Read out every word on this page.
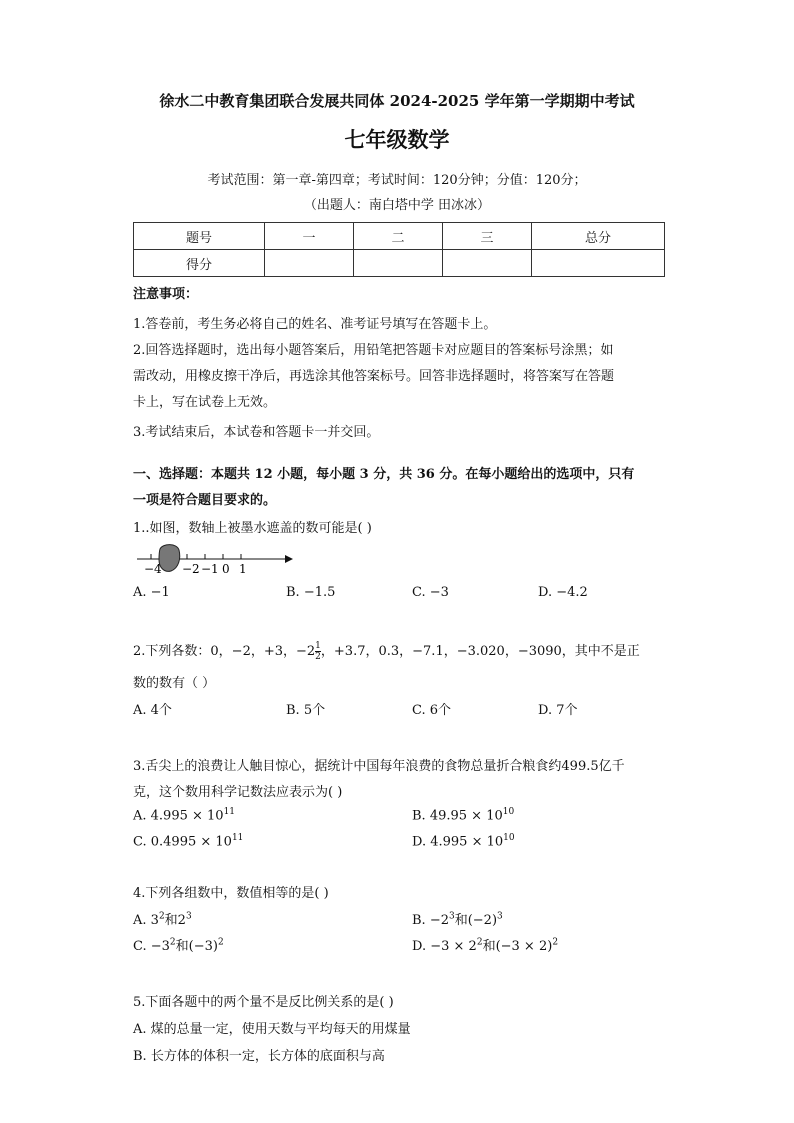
徐水二中教育集团联合发展共同体 2024-2025 学年第一学期期中考试
七年级数学
考试范围：第一章-第四章；考试时间：120分钟；分值：120分；
（出题人：南白塔中学 田冰冰）
题号	一	二	三	总分
得分				
注意事项：
1.答卷前，考生务必将自己的姓名、准考证号填写在答题卡上。
2.回答选择题时，选出每小题答案后，用铅笔把答题卡对应题目的答案标号涂黑；如
需改动，用橡皮擦干净后，再选涂其他答案标号。回答非选择题时，将答案写在答题
卡上，写在试卷上无效。
3.考试结束后，本试卷和答题卡一并交回。
一、选择题：本题共 12 小题，每小题 3 分，共 36 分。在每小题给出的选项中，只有
一项是符合题目要求的。
1..如图，数轴上被墨水遮盖的数可能是( )
−4 −2 −1 0 1
A. −1	B. −1.5	C. −3	D. −4.2
2.下列各数：0，−2，+3，$-2 \frac{1}{2}$ ，+3.7，0.3，−7.1，−3.020，−3090，其中不是正
数的数有（ ）
A. 4个	B. 5个	C. 6个	D. 7个
3.舌尖上的浪费让人触目惊心，据统计中国每年浪费的食物总量折合粮食约499.5亿千
克，这个数用科学记数法应表示为( )
A. $4.995 \times 10^{11}$	B. $49.95 \times 10^{10}$
C. $0.4995 \times 10^{11}$	D. $4.995 \times 10^{10}$
4.下列各组数中，数值相等的是( )
A. $3^2$和$2^3$	B. $-2^3$和$(-2)^3$
C. $-3^2$和$(-3)^2$	D. $-3 \times 2^2$和$(-3 \times 2)^2$
5.下面各题中的两个量不是反比例关系的是( )
A. 煤的总量一定，使用天数与平均每天的用煤量
B. 长方体的体积一定，长方体的底面积与高
